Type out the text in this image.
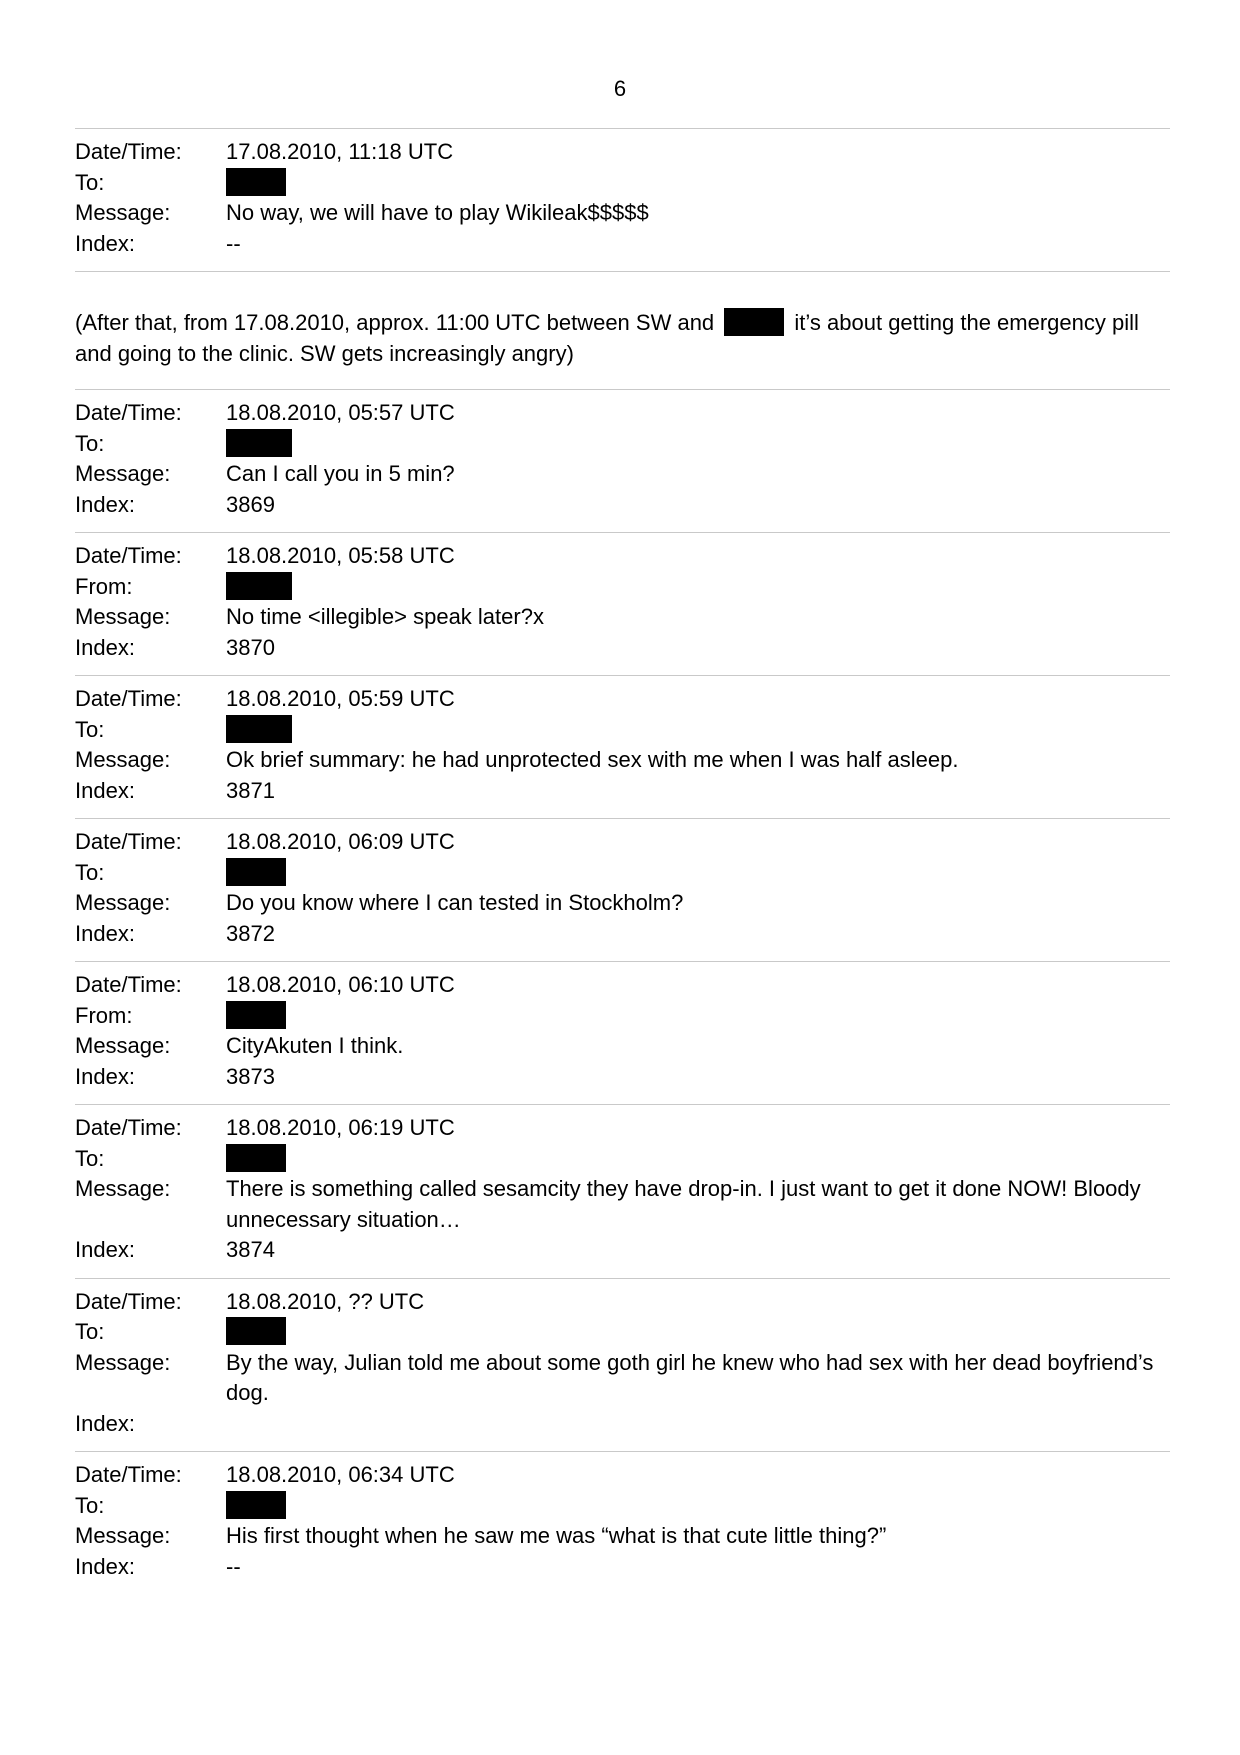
6
Date/Time:	17.08.2010, 11:18 UTC
To:
Message:	No way, we will have to play Wikileak$$$$$
Index:	--
(After that, from 17.08.2010, approx. 11:00 UTC between SW and	it’s about getting the emergency pill and going to the clinic. SW gets increasingly angry)
Date/Time:	18.08.2010, 05:57 UTC
To:
Message:	Can I call you in 5 min?
Index:	3869
Date/Time:	18.08.2010, 05:58 UTC
From:
Message:	No time <illegible> speak later?x
Index:	3870
Date/Time:	18.08.2010, 05:59 UTC
To:
Message:	Ok brief summary: he had unprotected sex with me when I was half asleep.
Index:	3871
Date/Time:	18.08.2010, 06:09 UTC
To:
Message:	Do you know where I can tested in Stockholm?
Index:	3872
Date/Time:	18.08.2010, 06:10 UTC
From:
Message:	CityAkuten I think.
Index:	3873
Date/Time:	18.08.2010, 06:19 UTC
To:
Message:	There is something called sesamcity they have drop-in. I just want to get it done NOW! Bloody unnecessary situation…
Index:	3874
Date/Time:	18.08.2010, ?? UTC
To:
Message:	By the way, Julian told me about some goth girl he knew who had sex with her dead boyfriend’s dog.
Index:
Date/Time:	18.08.2010, 06:34 UTC
To:
Message:	His first thought when he saw me was “what is that cute little thing?”
Index:	--
